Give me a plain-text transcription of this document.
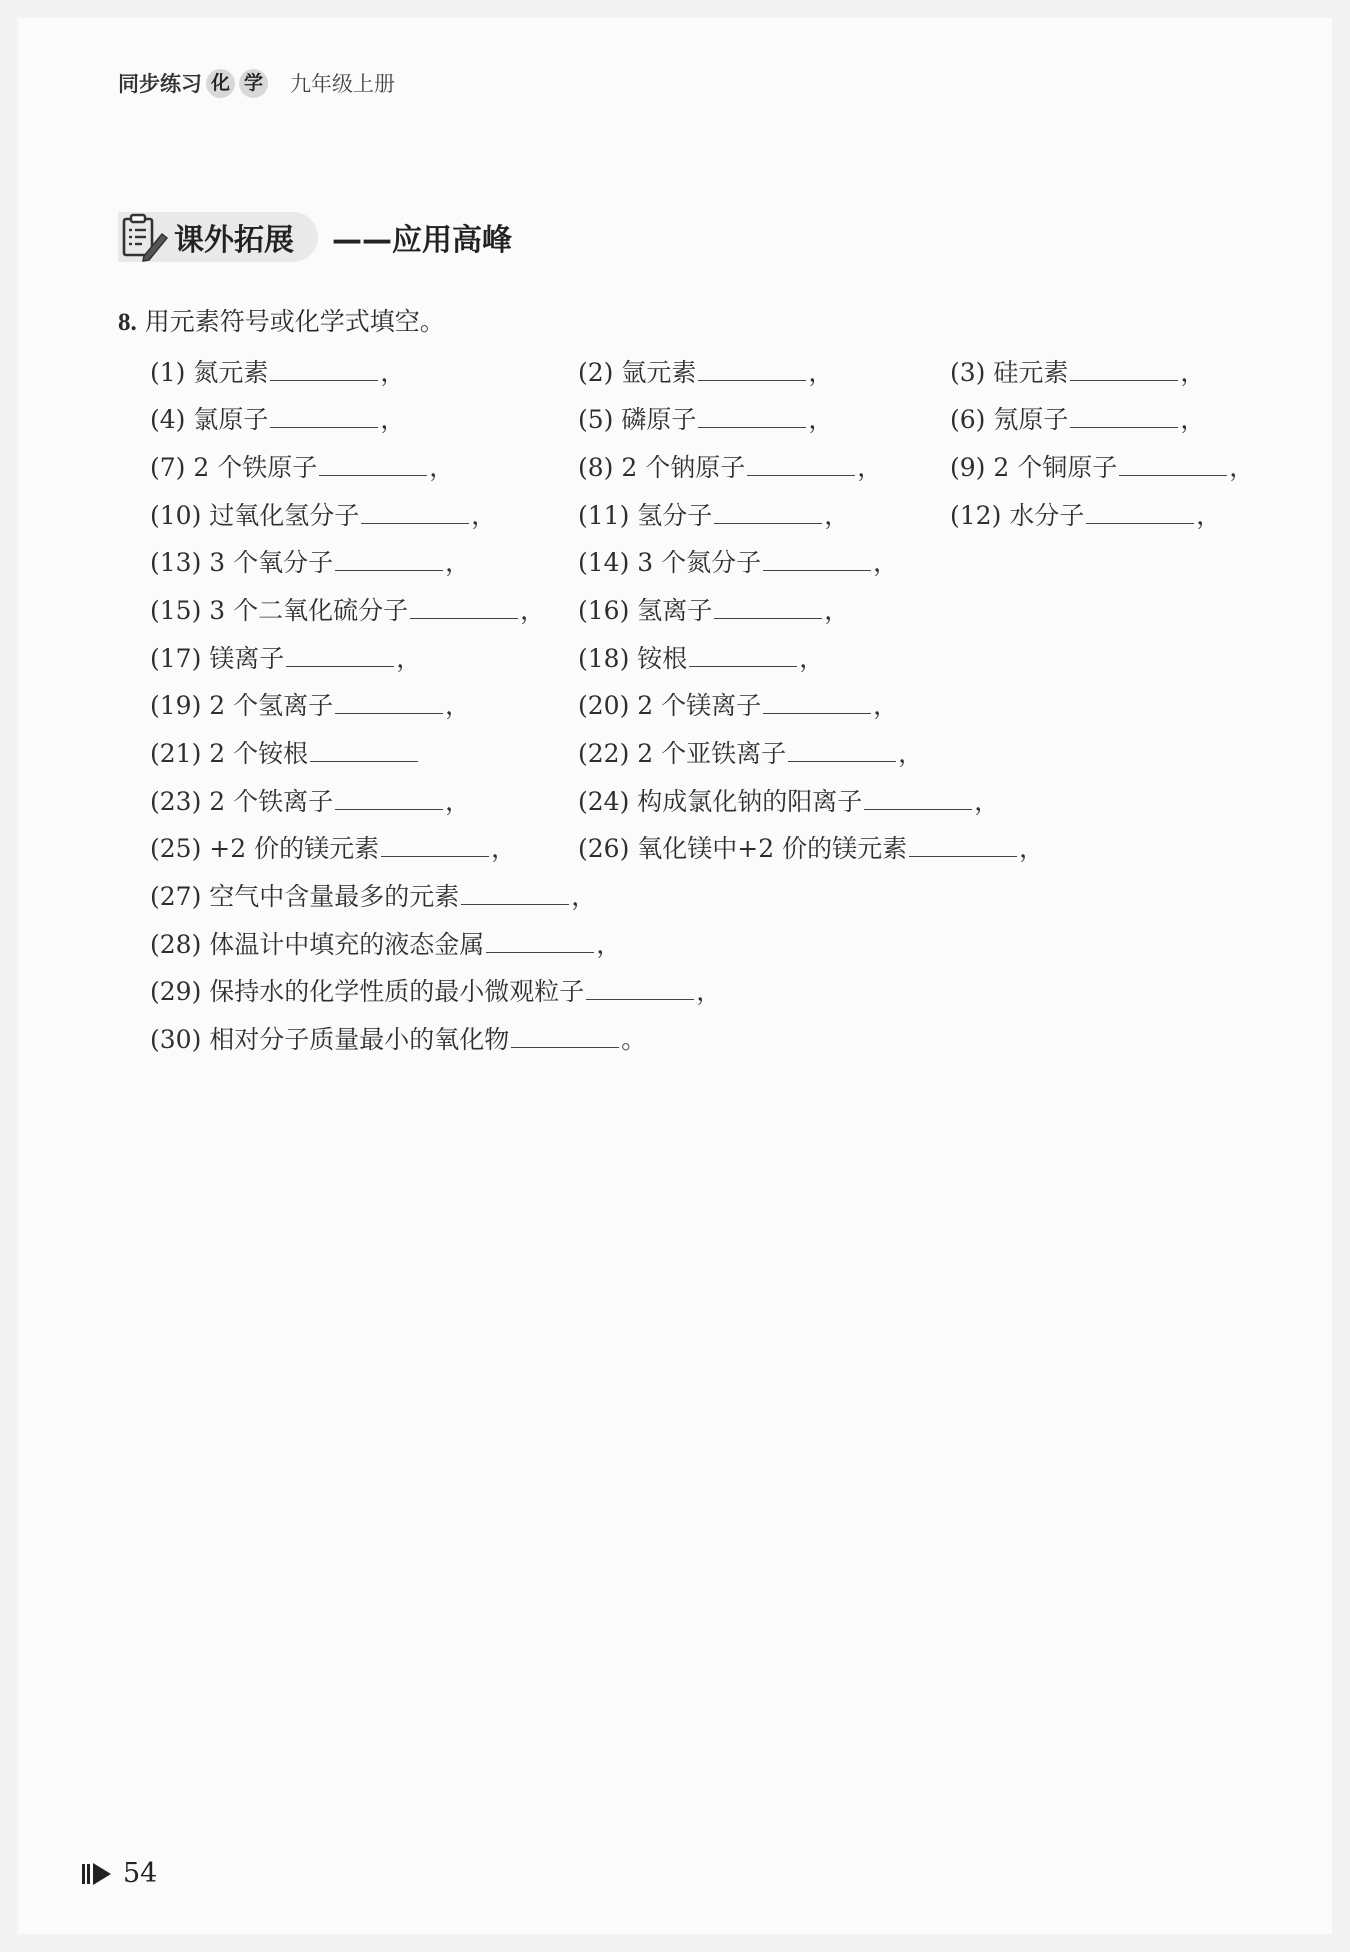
同步练习 化 学 九年级上册
课外拓展 ——应用高峰
8. 用元素符号或化学式填空。
(1) 氮元素	，	(2) 氩元素	，	(3) 硅元素	，
(4) 氯原子	，	(5) 磷原子	，	(6) 氖原子	，
(7) 2 个铁原子	，	(8) 2 个钠原子	，	(9) 2 个铜原子	，
(10) 过氧化氢分子	，	(11) 氢分子	，	(12) 水分子	，
(13) 3 个氧分子	，	(14) 3 个氮分子	，
(15) 3 个二氧化硫分子	， (16) 氢离子	，
(17) 镁离子	，	(18) 铵根	，
(19) 2 个氢离子	，	(20) 2 个镁离子	，
(21) 2 个铵根	(22) 2 个亚铁离子	，
(23) 2 个铁离子	，	(24) 构成氯化钠的阳离子	，
(25) +2 价的镁元素	， (26) 氧化镁中+2 价的镁元素	，
(27) 空气中含量最多的元素	，
(28) 体温计中填充的液态金属	，
(29) 保持水的化学性质的最小微观粒子	，
(30) 相对分子质量最小的氧化物	。
54
